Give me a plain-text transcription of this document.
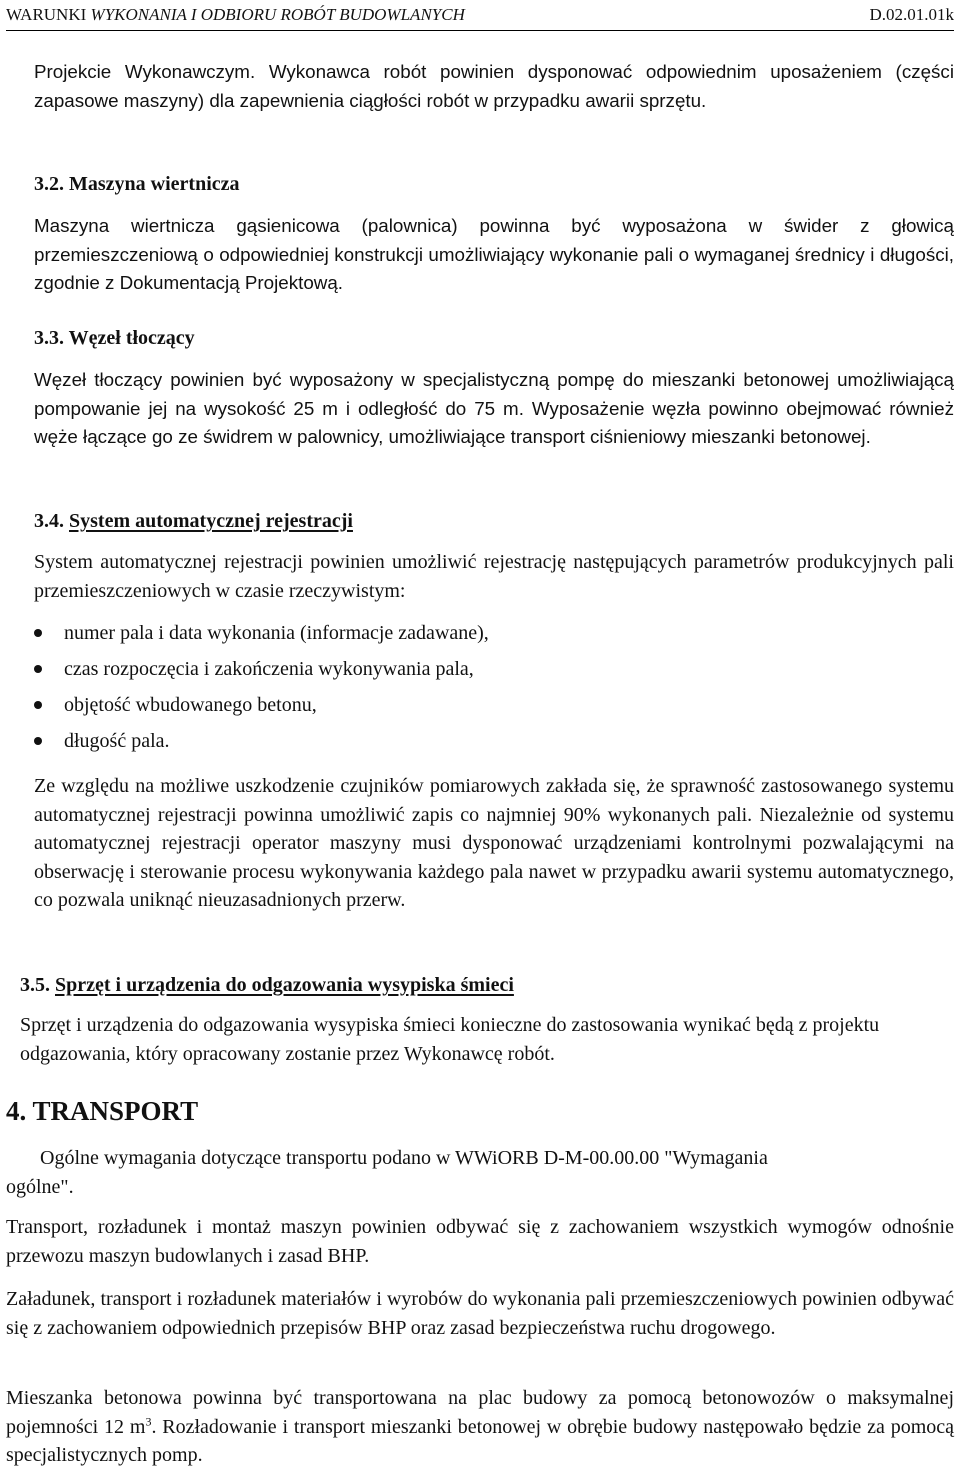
WARUNKI WYKONANIA I ODBIORU ROBÓT BUDOWLANYCH	D.02.01.01k

Projekcie Wykonawczym. Wykonawca robót powinien dysponować odpowiednim uposażeniem (części zapasowe maszyny) dla zapewnienia ciągłości robót w przypadku awarii sprzętu.

3.2. Maszyna wiertnicza

Maszyna wiertnicza gąsienicowa (palownica) powinna być wyposażona w świder z głowicą przemieszczeniową o odpowiedniej konstrukcji umożliwiający wykonanie pali o wymaganej średnicy i długości, zgodnie z Dokumentacją Projektową.

3.3. Węzeł tłoczący

Węzeł tłoczący powinien być wyposażony w specjalistyczną pompę do mieszanki betonowej umożliwiającą pompowanie jej na wysokość 25 m i odległość do 75 m. Wyposażenie węzła powinno obejmować również węże łączące go ze świdrem w palownicy, umożliwiające transport ciśnieniowy mieszanki betonowej.

3.4. System automatycznej rejestracji

System automatycznej rejestracji powinien umożliwić rejestrację następujących parametrów produkcyjnych pali przemieszczeniowych w czasie rzeczywistym:

numer pala i data wykonania (informacje zadawane),
czas rozpoczęcia i zakończenia wykonywania pala,
objętość wbudowanego betonu,
długość pala.

Ze względu na możliwe uszkodzenie czujników pomiarowych zakłada się, że sprawność zastosowanego systemu automatycznej rejestracji powinna umożliwić zapis co najmniej 90% wykonanych pali. Niezależnie od systemu automatycznej rejestracji operator maszyny musi dysponować urządzeniami kontrolnymi pozwalającymi na obserwację i sterowanie procesu wykonywania każdego pala nawet w przypadku awarii systemu automatycznego, co pozwala uniknąć nieuzasadnionych przerw.

3.5. Sprzęt i urządzenia do odgazowania wysypiska śmieci

Sprzęt i urządzenia do odgazowania wysypiska śmieci konieczne do zastosowania wynikać będą z projektu odgazowania, który opracowany zostanie przez Wykonawcę robót.

4. TRANSPORT

Ogólne wymagania dotyczące transportu podano w WWiORB D-M-00.00.00 "Wymagania ogólne".

Transport, rozładunek i montaż maszyn powinien odbywać się z zachowaniem wszystkich wymogów odnośnie przewozu maszyn budowlanych i zasad BHP.

Załadunek, transport i rozładunek materiałów i wyrobów do wykonania pali przemieszczeniowych powinien odbywać się z zachowaniem odpowiednich przepisów BHP oraz zasad bezpieczeństwa ruchu drogowego.

Mieszanka betonowa powinna być transportowana na plac budowy za pomocą betonowozów o maksymalnej pojemności 12 $m^3$. Rozładowanie i transport mieszanki betonowej w obrębie budowy następowało będzie za pomocą specjalistycznych pomp.
